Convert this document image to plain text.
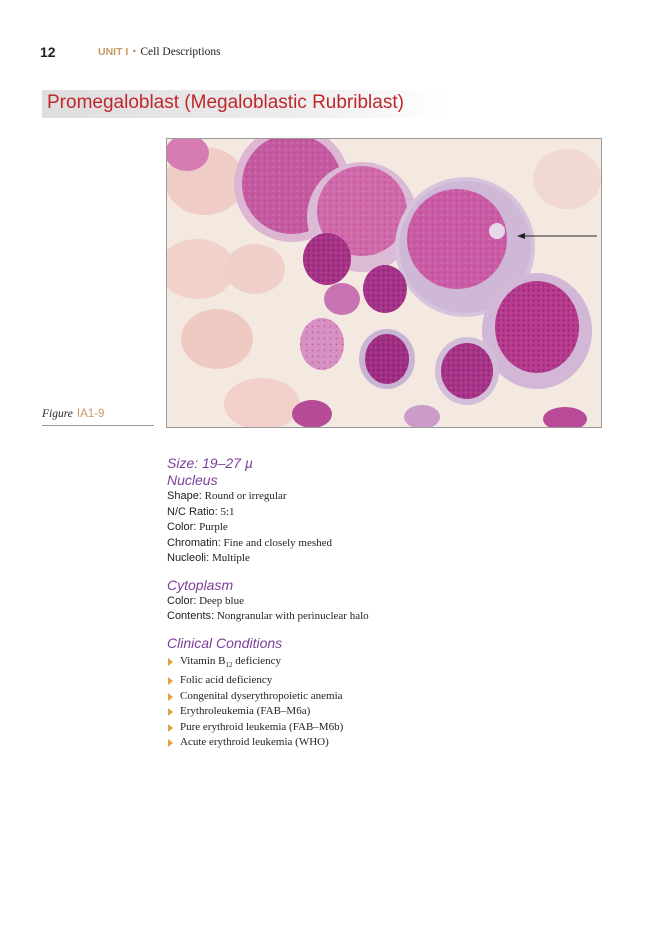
12	UNIT I • Cell Descriptions
Promegaloblast (Megaloblastic Rubriblast)
Figure IA1-9

Size: 19–27 µ

Nucleus

Shape: Round or irregular

N/C Ratio: 5:1

Color: Purple

Chromatin: Fine and closely meshed

Nucleoli: Multiple

Cytoplasm

Color: Deep blue

Contents: Nongranular with perinuclear halo

Clinical Conditions

Vitamin $B_{12}$ deficiency
Folic acid deficiency
Congenital dyserythropoietic anemia
Erythroleukemia (FAB–M6a)
Pure erythroid leukemia (FAB–M6b)
Acute erythroid leukemia (WHO)
